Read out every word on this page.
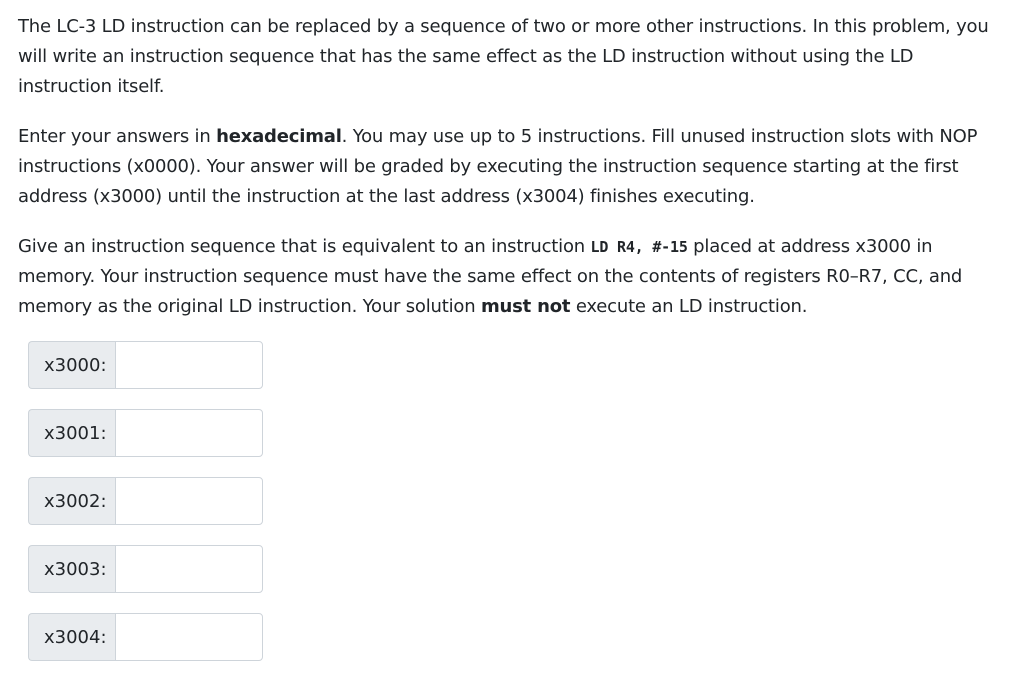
The LC-3 LD instruction can be replaced by a sequence of two or more other instructions. In this problem, you will write an instruction sequence that has the same effect as the LD instruction without using the LD instruction itself.

Enter your answers in hexadecimal. You may use up to 5 instructions. Fill unused instruction slots with NOP instructions (x0000). Your answer will be graded by executing the instruction sequence starting at the first address (x3000) until the instruction at the last address (x3004) finishes executing.

Give an instruction sequence that is equivalent to an instruction LD R4, #-15 placed at address x3000 in memory. Your instruction sequence must have the same effect on the contents of registers R0–R7, CC, and memory as the original LD instruction. Your solution must not execute an LD instruction.

x3000:
x3001:
x3002:
x3003:
x3004:
